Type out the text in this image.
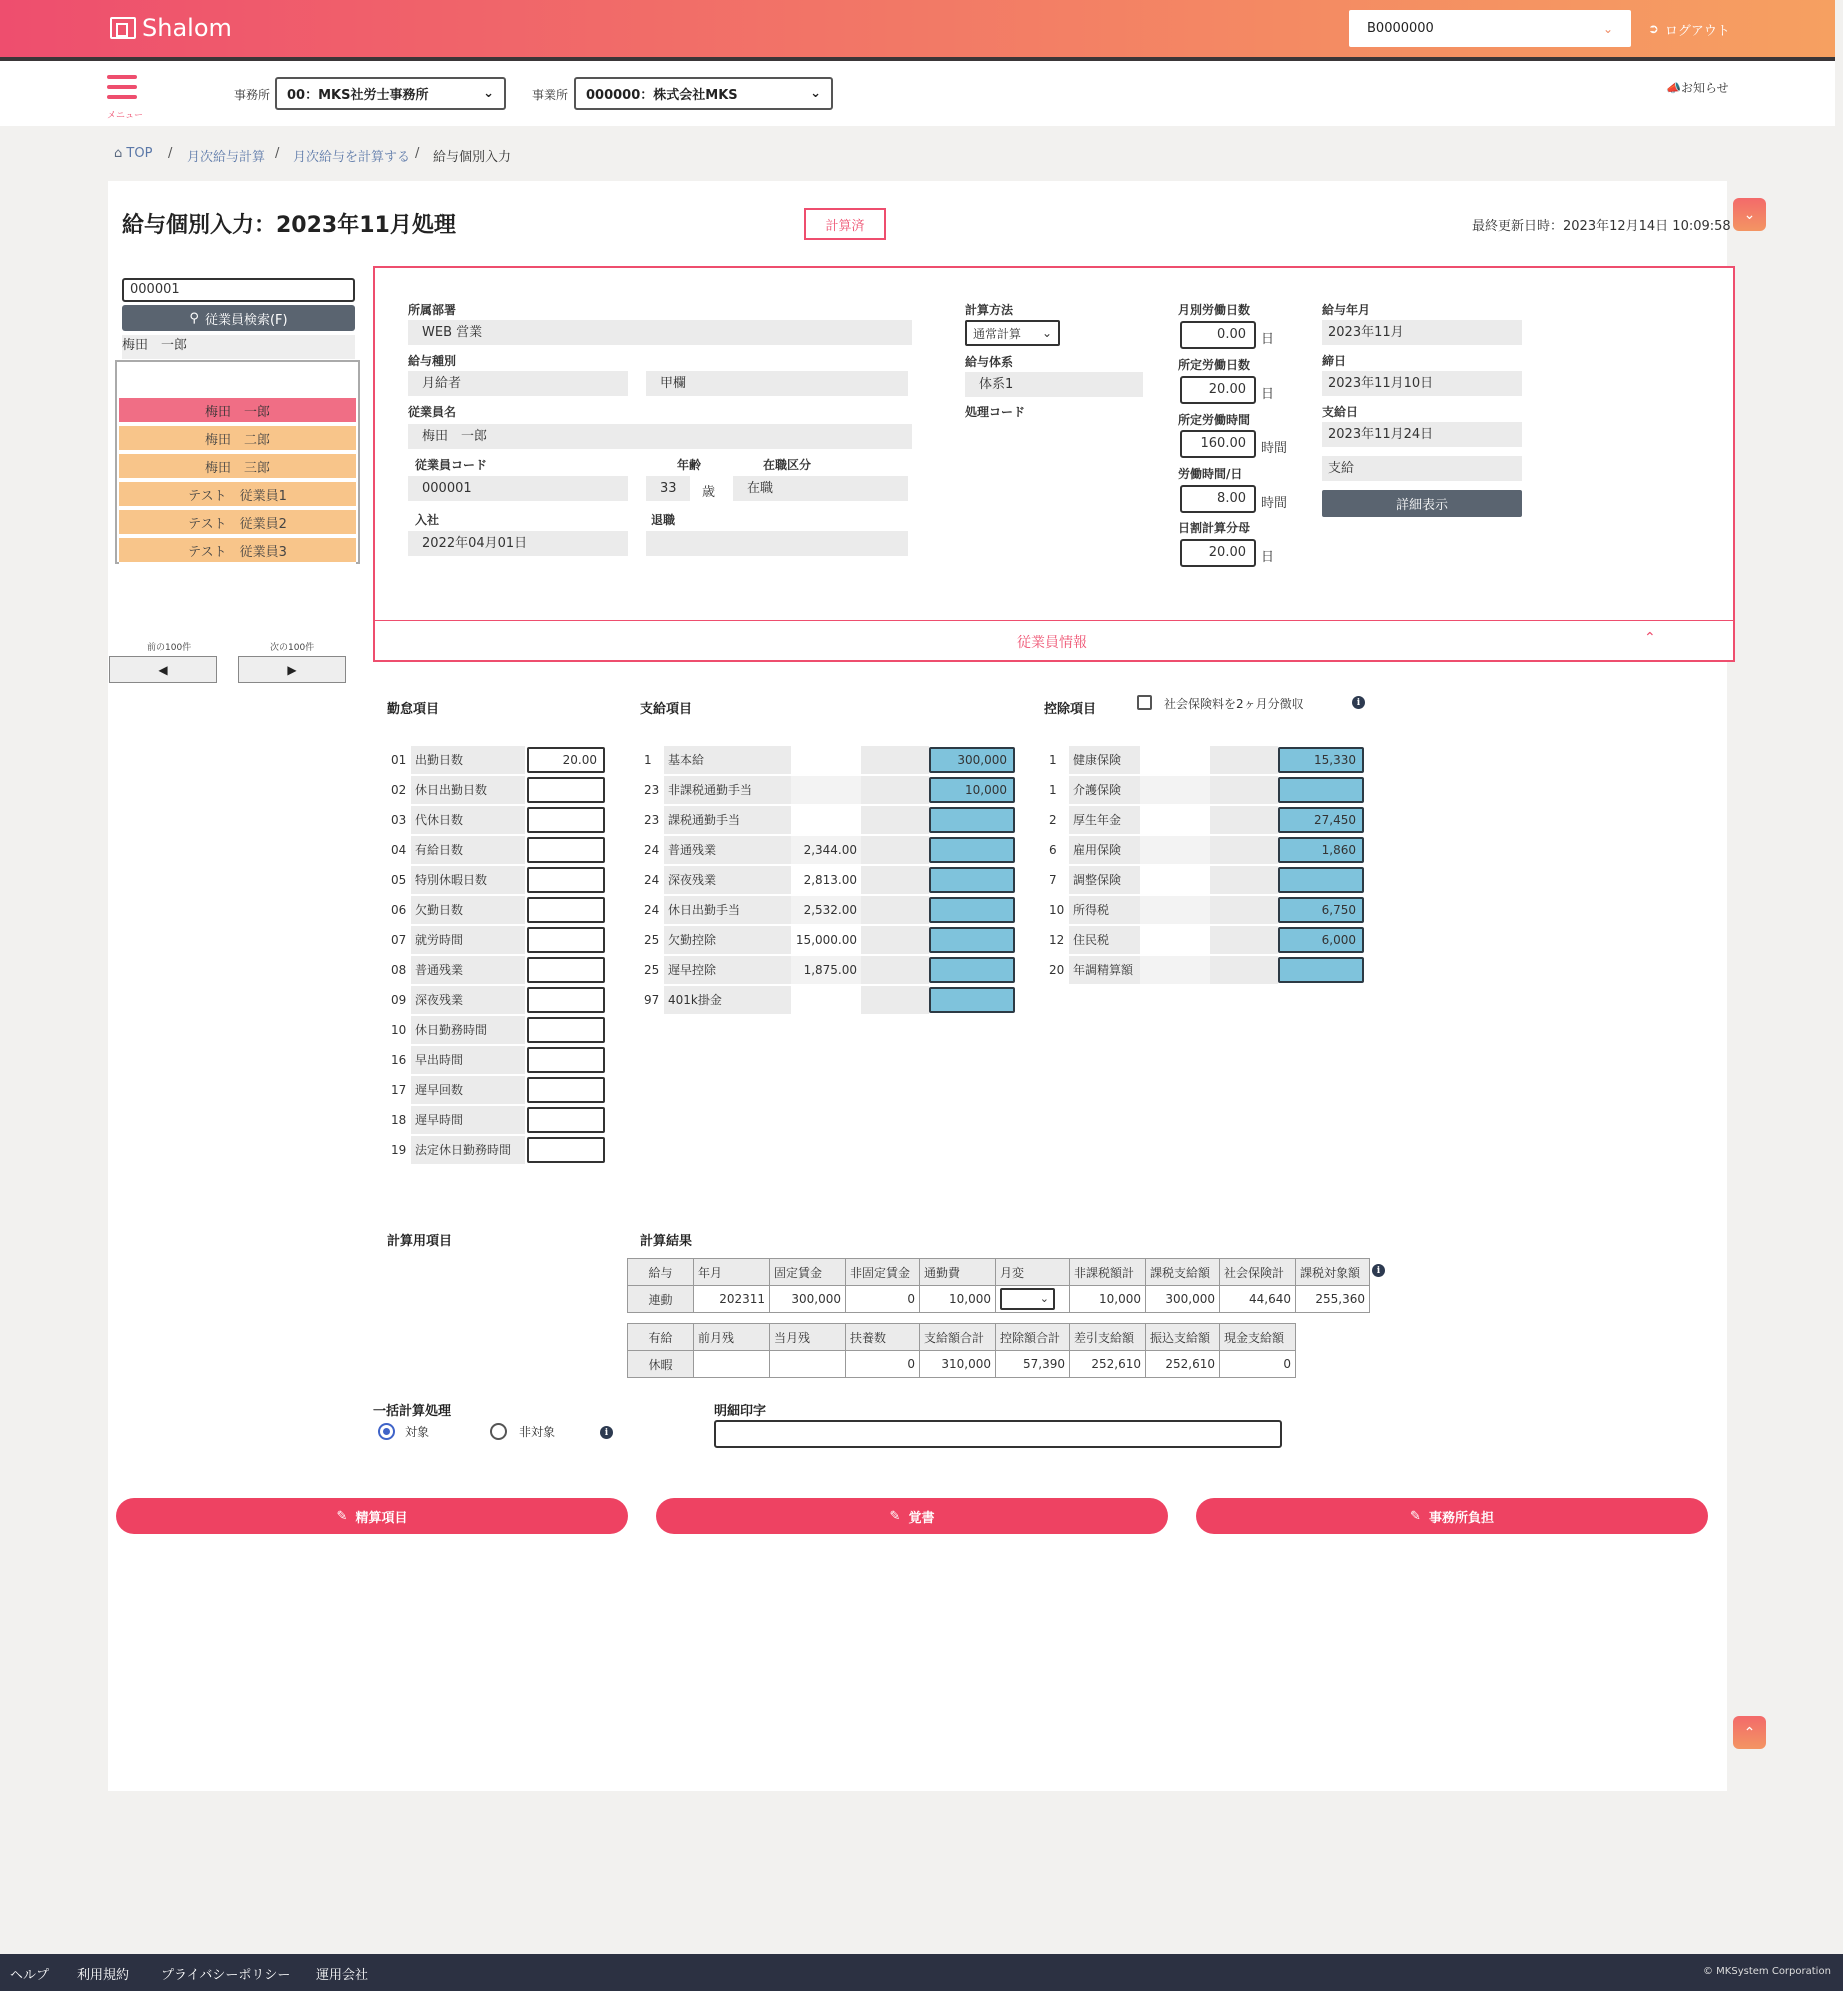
Shalom	B0000000	⌄	➲ ログアウト
メニュー
事務所 00：MKS社労士事務所	⌄	事業所 000000：株式会社MKS	⌄	📣お知らせ
⌂ TOP / 月次給与計算 / 月次給与を計算する / 給与個別入力
給与個別入力：2023年11月処理	計算済	最終更新日時：2023年12月14日 10:09:58
⌄
⌃
000001
⚲ 従業員検索(F)
梅田　一郎
梅田　一郎
梅田　二郎
梅田　三郎
テスト　従業員1
テスト　従業員2
テスト　従業員3
前の100件	次の100件
◀	▶
従業員情報	⌃
所属部署
WEB 営業
給与種別
月給者	甲欄
従業員名
梅田　一郎
従業員コード	年齢	在職区分
000001	33	歳	在職
入社	退職
2022年04月01日
計算方法
通常計算 ⌄
給与体系
体系1
処理コード
月別労働日数
0.00	日
所定労働日数
20.00	日
所定労働時間
160.00	時間
労働時間/日
8.00	時間
日割計算分母
20.00	日
給与年月
2023年11月
締日
2023年11月10日
支給日
2023年11月24日
支給
詳細表示
勤怠項目	支給項目	控除項目	社会保険料を2ヶ月分徴収	i
01 出勤日数	20.00
02 休日出勤日数
03 代休日数
04 有給日数
05 特別休暇日数
06 欠勤日数
07 就労時間
08 普通残業
09 深夜残業
10 休日勤務時間
16 早出時間
17 遅早回数
18 遅早時間
19 法定休日勤務時間
1	基本給	300,000
23 非課税通勤手当	10,000
23 課税通勤手当
24 普通残業	2,344.00
24 深夜残業	2,813.00
24 休日出勤手当	2,532.00
25 欠勤控除	15,000.00
25 遅早控除	1,875.00
97 401k掛金
1	健康保険	15,330
1	介護保険
2	厚生年金	27,450
6	雇用保険	1,860
7	調整保険
10 所得税	6,750
12 住民税	6,000
20 年調精算額
計算用項目	計算結果
給与	年月	固定賃金	非固定賃金	通勤費	月変	非課税額計	課税支給額	社会保険計	課税対象額
連動	202311	300,000	0	10,000	⌄	10,000	300,000	44,640	255,360
i
有給	前月残	当月残	扶養数	支給額合計	控除額合計	差引支給額	振込支給額	現金支給額
休暇			0	310,000	57,390	252,610	252,610	0
一括計算処理
対象	非対象	i
明細印字
✎ 精算項目	✎ 覚書	✎ 事務所負担
ヘルプ 利用規約 プライバシーポリシー 運用会社	© MKSystem Corporation
